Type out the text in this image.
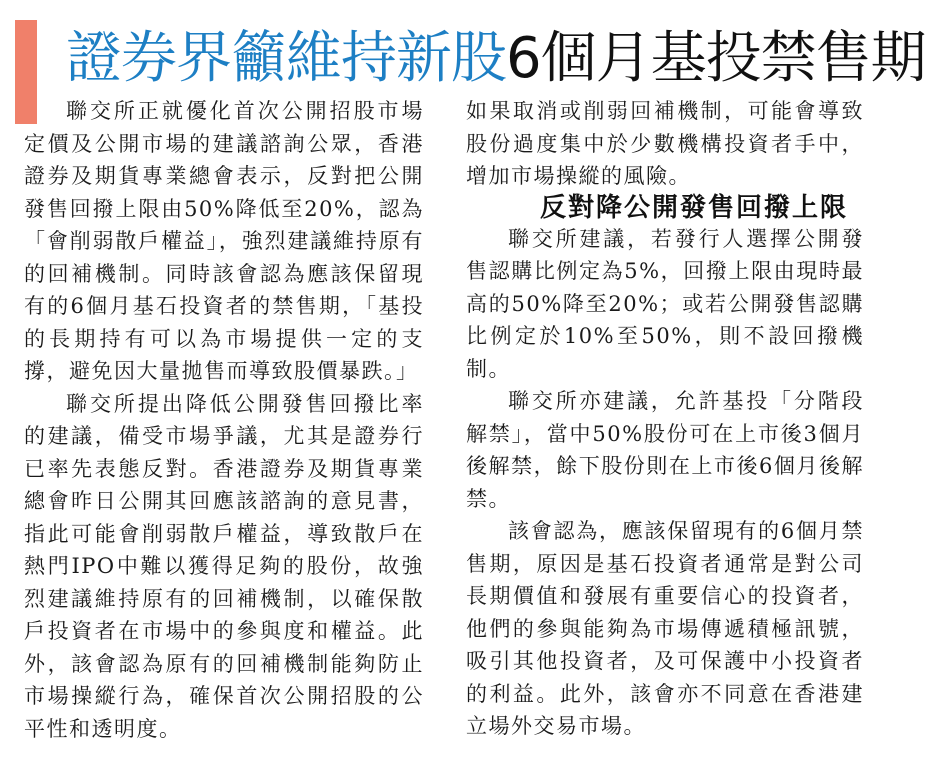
證券界籲維持新股6個月基投禁售期

聯交所正就優化首次公開招股市場定價及公開市場的建議諮詢公眾，香港證券及期貨專業總會表示，反對把公開發售回撥上限由50%降低至20%，認為「會削弱散戶權益」，強烈建議維持原有的回補機制。同時該會認為應該保留現有的6個月基石投資者的禁售期，「基投的長期持有可以為市場提供一定的支撐，避免因大量拋售而導致股價暴跌。」

聯交所提出降低公開發售回撥比率的建議，備受市場爭議，尤其是證券行已率先表態反對。香港證券及期貨專業總會昨日公開其回應該諮詢的意見書，指此可能會削弱散戶權益，導致散戶在熱門IPO中難以獲得足夠的股份，故強烈建議維持原有的回補機制，以確保散戶投資者在市場中的參與度和權益。此外，該會認為原有的回補機制能夠防止市場操縱行為，確保首次公開招股的公平性和透明度。

如果取消或削弱回補機制，可能會導致股份過度集中於少數機構投資者手中，增加市場操縱的風險。

反對降公開發售回撥上限

聯交所建議，若發行人選擇公開發售認購比例定為5%，回撥上限由現時最高的50%降至20%；或若公開發售認購比例定於10%至50%，則不設回撥機制。

聯交所亦建議，允許基投「分階段解禁」，當中50%股份可在上市後3個月後解禁，餘下股份則在上市後6個月後解禁。

該會認為，應該保留現有的6個月禁售期，原因是基石投資者通常是對公司長期價值和發展有重要信心的投資者，他們的參與能夠為市場傳遞積極訊號，吸引其他投資者，及可保護中小投資者的利益。此外，該會亦不同意在香港建立場外交易市場。
